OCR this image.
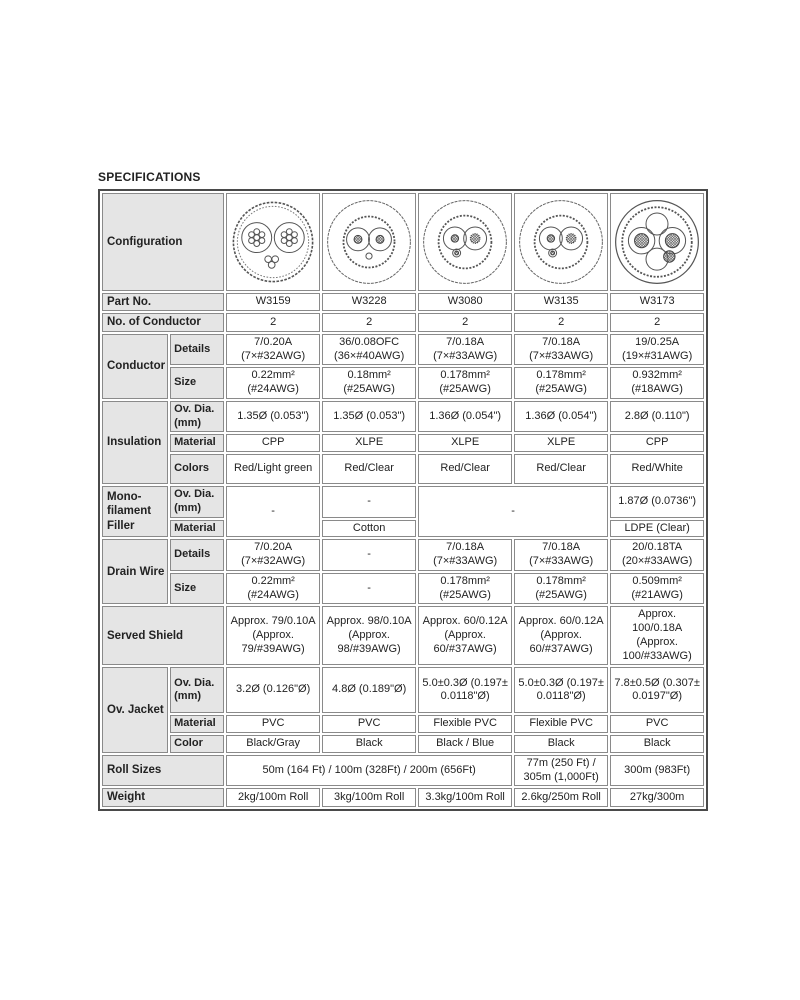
SPECIFICATIONS
Configuration	

Part No.		W3159	W3228	W3080	W3135	W3173
No. of Conductor		2	2	2	2	2
Conductor	Details	7/0.20A (7×#32AWG)	36/0.08OFC (36×#40AWG)	7/0.18A (7×#33AWG)	7/0.18A (7×#33AWG)	19/0.25A (19×#31AWG)
	Size	0.22mm² (#24AWG)	0.18mm² (#25AWG)	0.178mm² (#25AWG)	0.178mm² (#25AWG)	0.932mm² (#18AWG)
Insulation	Ov. Dia. (mm)	1.35Ø (0.053")	1.35Ø (0.053")	1.36Ø (0.054")	1.36Ø (0.054")	2.8Ø (0.110")
	Material	CPP	XLPE	XLPE	XLPE	CPP
	Colors	Red/Light green	Red/Clear	Red/Clear	Red/Clear	Red/White
Mono-filament Filler	Ov. Dia. (mm)	-	-	-		1.87Ø (0.0736")
	Material		Cotton			LDPE (Clear)
Drain Wire	Details	7/0.20A (7×#32AWG)	-	7/0.18A (7×#33AWG)	7/0.18A (7×#33AWG)	20/0.18TA (20×#33AWG)
	Size	0.22mm² (#24AWG)	-	0.178mm² (#25AWG)	0.178mm² (#25AWG)	0.509mm² (#21AWG)
Served Shield		Approx. 79/0.10A (Approx. 79/#39AWG)	Approx. 98/0.10A (Approx. 98/#39AWG)	Approx. 60/0.12A (Approx. 60/#37AWG)	Approx. 60/0.12A (Approx. 60/#37AWG)	Approx. 100/0.18A (Approx. 100/#33AWG)
Ov. Jacket	Ov. Dia. (mm)	3.2Ø (0.126"Ø)	4.8Ø (0.189"Ø)	5.0±0.3Ø (0.197± 0.0118"Ø)	5.0±0.3Ø (0.197± 0.0118"Ø)	7.8±0.5Ø (0.307± 0.0197"Ø)
	Material	PVC	PVC	Flexible PVC	Flexible PVC	PVC
	Color	Black/Gray	Black	Black / Blue	Black	Black
Roll Sizes		50m (164 Ft) / 100m (328Ft) / 200m (656Ft)			77m (250 Ft) / 305m (1,000Ft)	300m (983Ft)
Weight		2kg/100m Roll	3kg/100m Roll	3.3kg/100m Roll	2.6kg/250m Roll	27kg/300m
